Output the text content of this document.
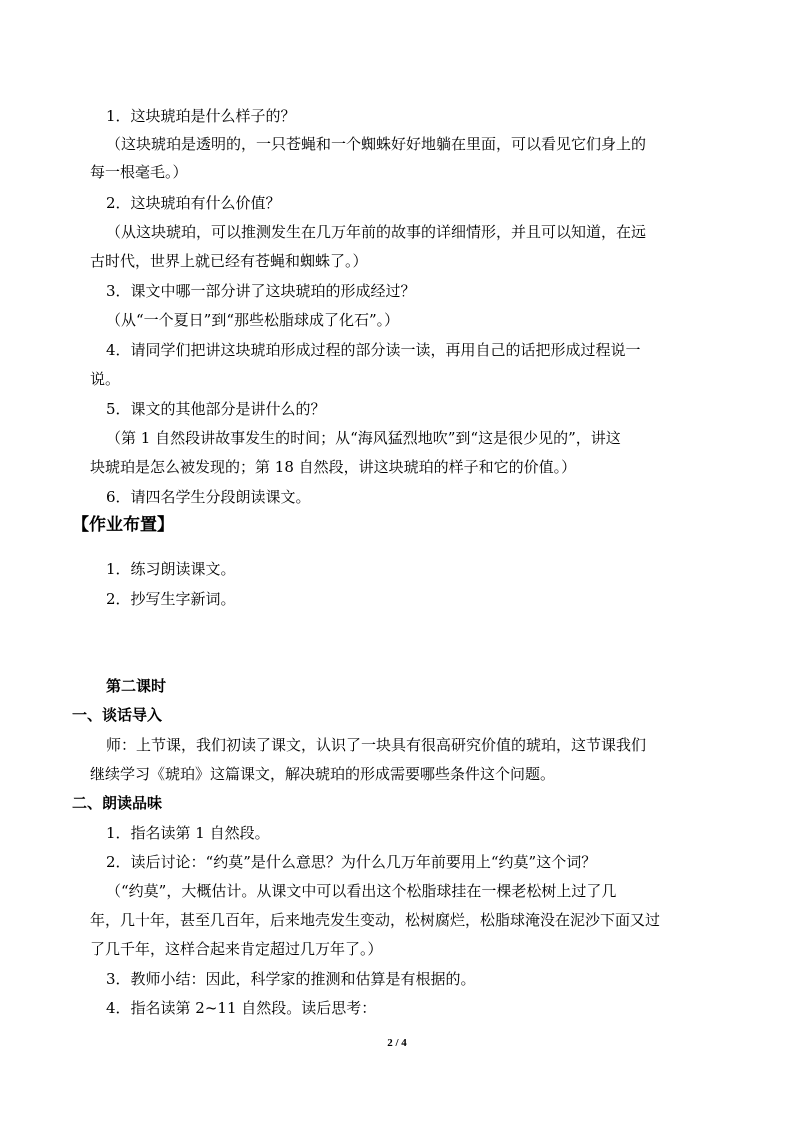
1．这块琥珀是什么样子的？
（这块琥珀是透明的，一只苍蝇和一个蜘蛛好好地躺在里面，可以看见它们身上的
每一根毫毛。）
2．这块琥珀有什么价值？
（从这块琥珀，可以推测发生在几万年前的故事的详细情形，并且可以知道，在远
古时代，世界上就已经有苍蝇和蜘蛛了。）
3．课文中哪一部分讲了这块琥珀的形成经过？
（从“一个夏日”到“那些松脂球成了化石”。）
4．请同学们把讲这块琥珀形成过程的部分读一读，再用自己的话把形成过程说一
说。
5．课文的其他部分是讲什么的？
（第 1 自然段讲故事发生的时间；从“海风猛烈地吹”到“这是很少见的”，讲这
块琥珀是怎么被发现的；第 18 自然段，讲这块琥珀的样子和它的价值。）
6．请四名学生分段朗读课文。
【作业布置】
1．练习朗读课文。
2．抄写生字新词。
第二课时
一、谈话导入
师：上节课，我们初读了课文，认识了一块具有很高研究价值的琥珀，这节课我们
继续学习《琥珀》这篇课文，解决琥珀的形成需要哪些条件这个问题。
二、朗读品味
1．指名读第 1 自然段。
2．读后讨论：“约莫”是什么意思？为什么几万年前要用上“约莫”这个词？
（“约莫”，大概估计。从课文中可以看出这个松脂球挂在一棵老松树上过了几
年，几十年，甚至几百年，后来地壳发生变动，松树腐烂，松脂球淹没在泥沙下面又过
了几千年，这样合起来肯定超过几万年了。）
3．教师小结：因此，科学家的推测和估算是有根据的。
4．指名读第 2~11 自然段。读后思考：
2 / 4
